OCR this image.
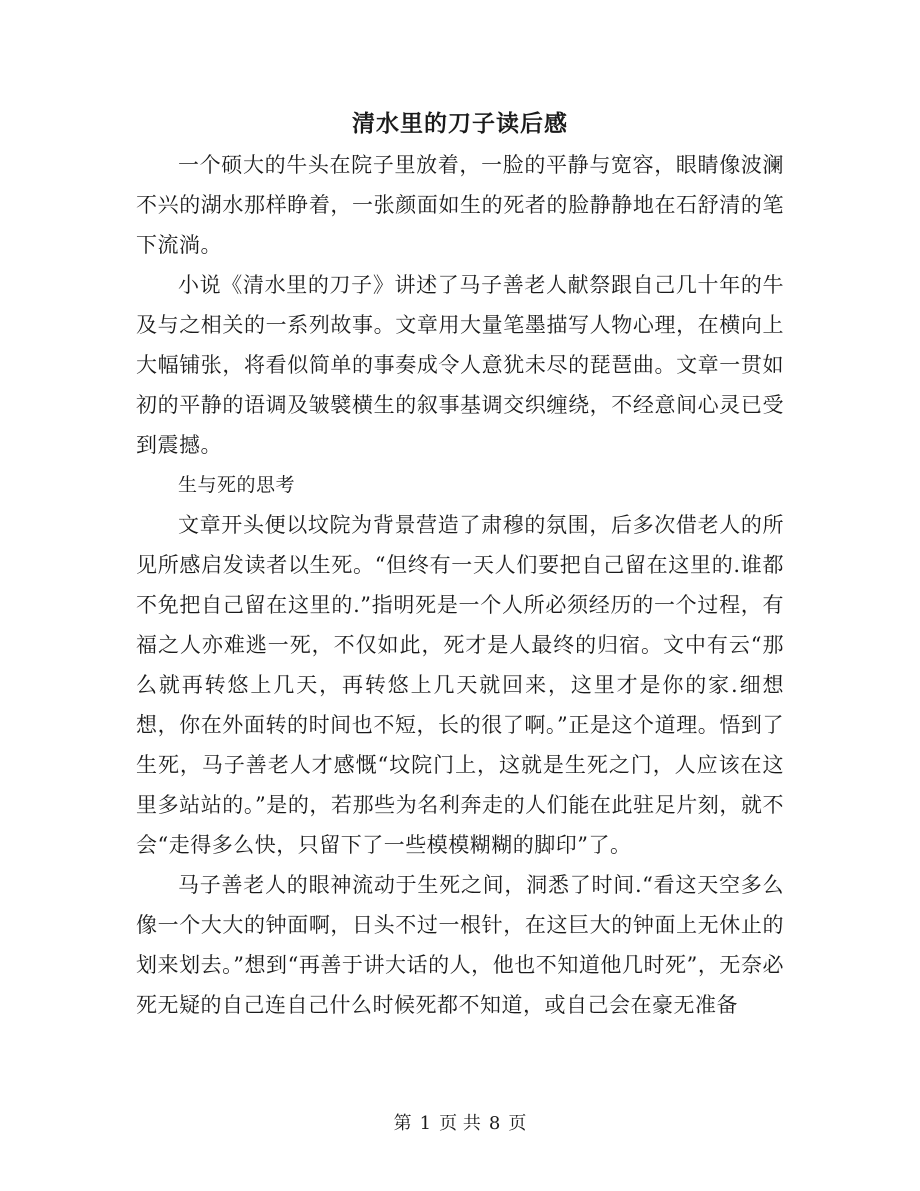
清水里的刀子读后感

一个硕大的牛头在院子里放着，一脸的平静与宽容，眼睛像波澜不兴的湖水那样睁着，一张颜面如生的死者的脸静静地在石舒清的笔下流淌。

小说《清水里的刀子》讲述了马子善老人献祭跟自己几十年的牛及与之相关的一系列故事。文章用大量笔墨描写人物心理，在横向上大幅铺张，将看似简单的事奏成令人意犹未尽的琵琶曲。文章一贯如初的平静的语调及皱襞横生的叙事基调交织缠绕，不经意间心灵已受到震撼。

生与死的思考

文章开头便以坟院为背景营造了肃穆的氛围，后多次借老人的所见所感启发读者以生死。“但终有一天人们要把自己留在这里的.谁都不免把自己留在这里的.”指明死是一个人所必须经历的一个过程，有福之人亦难逃一死，不仅如此，死才是人最终的归宿。文中有云“那么就再转悠上几天，再转悠上几天就回来，这里才是你的家.细想想，你在外面转的时间也不短，长的很了啊。”正是这个道理。悟到了生死，马子善老人才感慨“坟院门上，这就是生死之门，人应该在这里多站站的。”是的，若那些为名利奔走的人们能在此驻足片刻，就不会“走得多么快，只留下了一些模模糊糊的脚印”了。

马子善老人的眼神流动于生死之间，洞悉了时间.“看这天空多么像一个大大的钟面啊，日头不过一根针，在这巨大的钟面上无休止的划来划去。”想到“再善于讲大话的人，他也不知道他几时死”，无奈必死无疑的自己连自己什么时候死都不知道，或自己会在豪无准备

第 1 页 共 8 页
